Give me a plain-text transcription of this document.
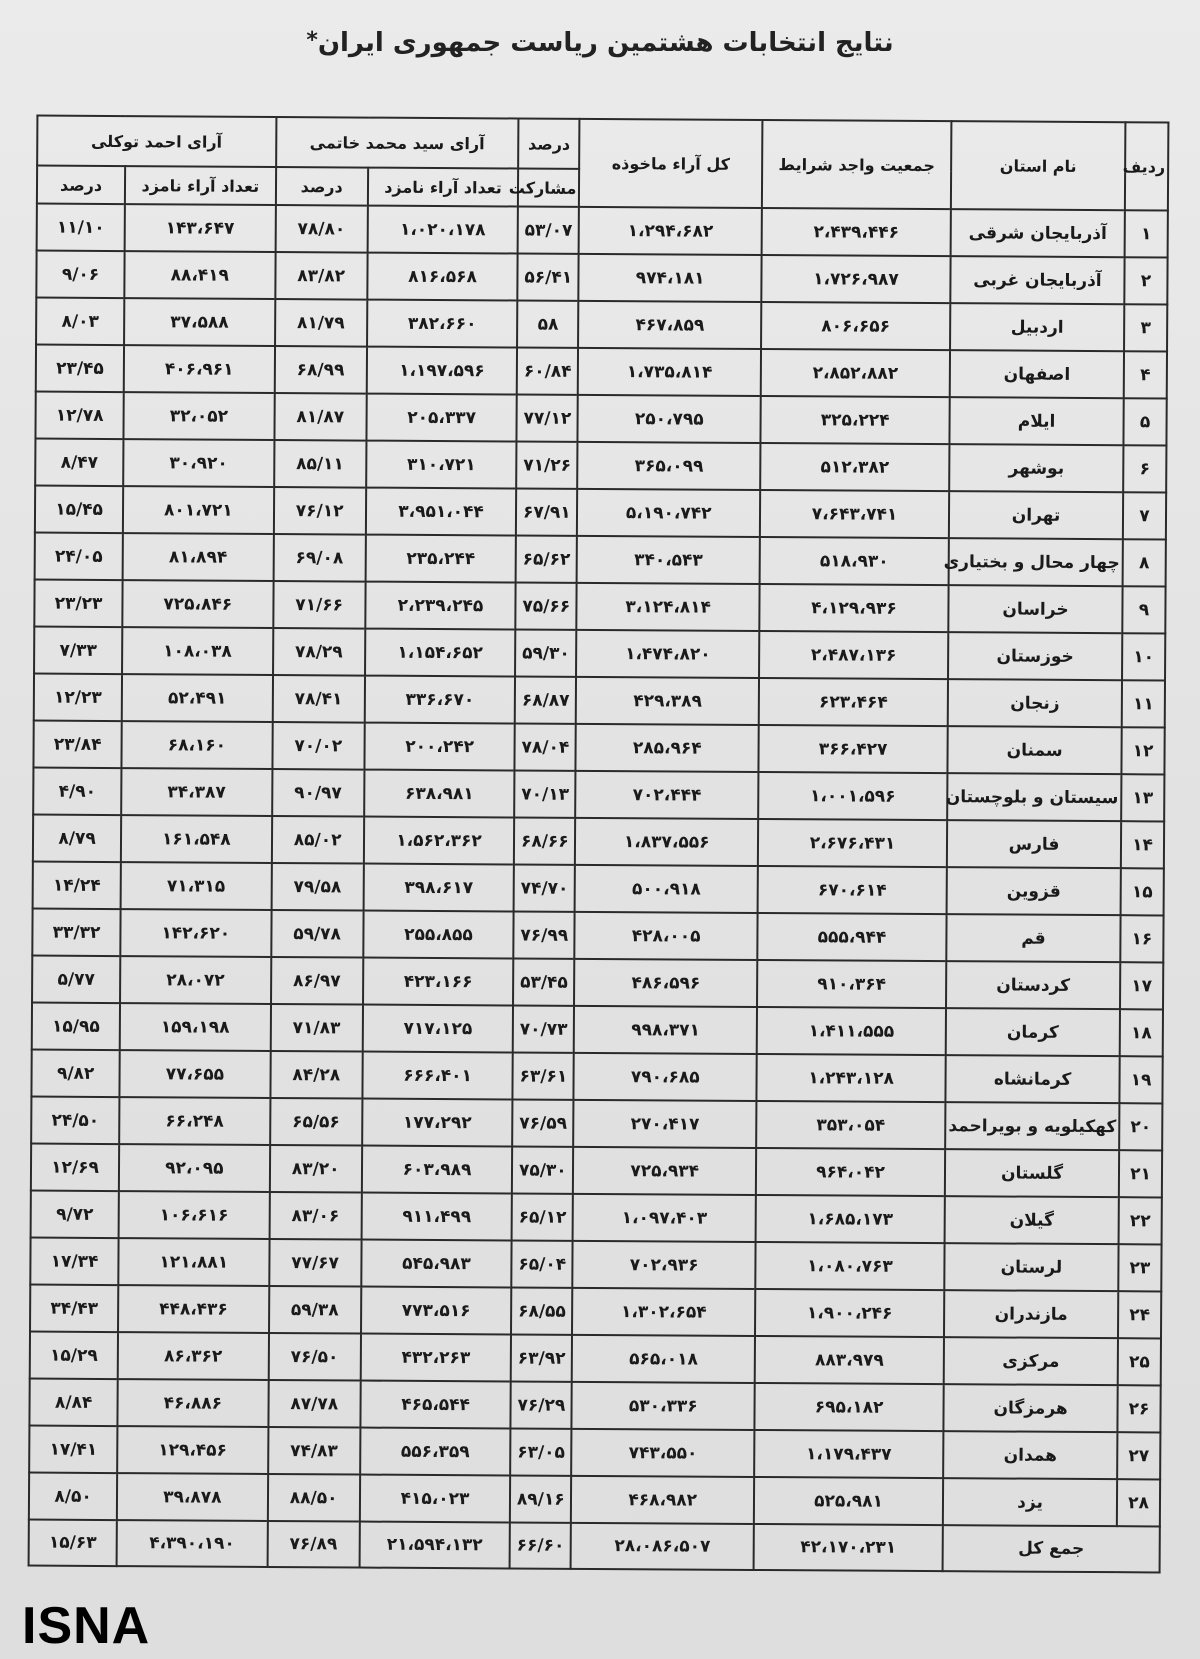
نتایج انتخابات هشتمین ریاست جمهوری ایران*
ردیف	نام استان	جمعیت واجد شرایط	کل آراء ماخوذه	درصد	آرای سید محمد خاتمی		آرای احمد توکلی	
				مشارکت	تعداد آراء نامزد	درصد	تعداد آراء نامزد	درصد
۱	آذربایجان شرقی	۲،۴۳۹،۴۴۶	۱،۲۹۴،۶۸۲	۵۳/۰۷	۱،۰۲۰،۱۷۸	۷۸/۸۰	۱۴۳،۶۴۷	۱۱/۱۰
۲	آذربایجان غربی	۱،۷۲۶،۹۸۷	۹۷۴،۱۸۱	۵۶/۴۱	۸۱۶،۵۶۸	۸۳/۸۲	۸۸،۴۱۹	۹/۰۶
۳	اردبیل	۸۰۶،۶۵۶	۴۶۷،۸۵۹	۵۸	۳۸۲،۶۶۰	۸۱/۷۹	۳۷،۵۸۸	۸/۰۳
۴	اصفهان	۲،۸۵۲،۸۸۲	۱،۷۳۵،۸۱۴	۶۰/۸۴	۱،۱۹۷،۵۹۶	۶۸/۹۹	۴۰۶،۹۶۱	۲۳/۴۵
۵	ایلام	۳۲۵،۲۲۴	۲۵۰،۷۹۵	۷۷/۱۲	۲۰۵،۳۳۷	۸۱/۸۷	۳۲،۰۵۲	۱۲/۷۸
۶	بوشهر	۵۱۲،۳۸۲	۳۶۵،۰۹۹	۷۱/۲۶	۳۱۰،۷۲۱	۸۵/۱۱	۳۰،۹۲۰	۸/۴۷
۷	تهران	۷،۶۴۳،۷۴۱	۵،۱۹۰،۷۴۲	۶۷/۹۱	۳،۹۵۱،۰۴۴	۷۶/۱۲	۸۰۱،۷۲۱	۱۵/۴۵
۸	چهار محال و بختیاری	۵۱۸،۹۳۰	۳۴۰،۵۴۳	۶۵/۶۲	۲۳۵،۲۴۴	۶۹/۰۸	۸۱،۸۹۴	۲۴/۰۵
۹	خراسان	۴،۱۲۹،۹۳۶	۳،۱۲۴،۸۱۴	۷۵/۶۶	۲،۲۳۹،۲۴۵	۷۱/۶۶	۷۲۵،۸۴۶	۲۳/۲۳
۱۰	خوزستان	۲،۴۸۷،۱۳۶	۱،۴۷۴،۸۲۰	۵۹/۳۰	۱،۱۵۴،۶۵۲	۷۸/۲۹	۱۰۸،۰۳۸	۷/۳۳
۱۱	زنجان	۶۲۳،۴۶۴	۴۲۹،۳۸۹	۶۸/۸۷	۳۳۶،۶۷۰	۷۸/۴۱	۵۲،۴۹۱	۱۲/۲۳
۱۲	سمنان	۳۶۶،۴۲۷	۲۸۵،۹۶۴	۷۸/۰۴	۲۰۰،۲۴۲	۷۰/۰۲	۶۸،۱۶۰	۲۳/۸۴
۱۳	سیستان و بلوچستان	۱،۰۰۱،۵۹۶	۷۰۲،۴۴۴	۷۰/۱۳	۶۳۸،۹۸۱	۹۰/۹۷	۳۴،۳۸۷	۴/۹۰
۱۴	فارس	۲،۶۷۶،۴۳۱	۱،۸۳۷،۵۵۶	۶۸/۶۶	۱،۵۶۲،۳۶۲	۸۵/۰۲	۱۶۱،۵۴۸	۸/۷۹
۱۵	قزوین	۶۷۰،۶۱۴	۵۰۰،۹۱۸	۷۴/۷۰	۳۹۸،۶۱۷	۷۹/۵۸	۷۱،۳۱۵	۱۴/۲۴
۱۶	قم	۵۵۵،۹۴۴	۴۲۸،۰۰۵	۷۶/۹۹	۲۵۵،۸۵۵	۵۹/۷۸	۱۴۲،۶۲۰	۳۳/۳۲
۱۷	کردستان	۹۱۰،۳۶۴	۴۸۶،۵۹۶	۵۳/۴۵	۴۲۳،۱۶۶	۸۶/۹۷	۲۸،۰۷۲	۵/۷۷
۱۸	کرمان	۱،۴۱۱،۵۵۵	۹۹۸،۳۷۱	۷۰/۷۳	۷۱۷،۱۲۵	۷۱/۸۳	۱۵۹،۱۹۸	۱۵/۹۵
۱۹	کرمانشاه	۱،۲۴۳،۱۲۸	۷۹۰،۶۸۵	۶۳/۶۱	۶۶۶،۴۰۱	۸۴/۲۸	۷۷،۶۵۵	۹/۸۲
۲۰	کهکیلویه و بویراحمد	۳۵۳،۰۵۴	۲۷۰،۴۱۷	۷۶/۵۹	۱۷۷،۲۹۲	۶۵/۵۶	۶۶،۲۴۸	۲۴/۵۰
۲۱	گلستان	۹۶۴،۰۴۲	۷۲۵،۹۳۴	۷۵/۳۰	۶۰۳،۹۸۹	۸۳/۲۰	۹۲،۰۹۵	۱۲/۶۹
۲۲	گیلان	۱،۶۸۵،۱۷۳	۱،۰۹۷،۴۰۳	۶۵/۱۲	۹۱۱،۴۹۹	۸۳/۰۶	۱۰۶،۶۱۶	۹/۷۲
۲۳	لرستان	۱،۰۸۰،۷۶۳	۷۰۲،۹۳۶	۶۵/۰۴	۵۴۵،۹۸۳	۷۷/۶۷	۱۲۱،۸۸۱	۱۷/۳۴
۲۴	مازندران	۱،۹۰۰،۲۴۶	۱،۳۰۲،۶۵۴	۶۸/۵۵	۷۷۳،۵۱۶	۵۹/۳۸	۴۴۸،۴۳۶	۳۴/۴۳
۲۵	مرکزی	۸۸۳،۹۷۹	۵۶۵،۰۱۸	۶۳/۹۲	۴۳۲،۲۶۳	۷۶/۵۰	۸۶،۳۶۲	۱۵/۲۹
۲۶	هرمزگان	۶۹۵،۱۸۲	۵۳۰،۳۳۶	۷۶/۲۹	۴۶۵،۵۴۴	۸۷/۷۸	۴۶،۸۸۶	۸/۸۴
۲۷	همدان	۱،۱۷۹،۴۳۷	۷۴۳،۵۵۰	۶۳/۰۵	۵۵۶،۳۵۹	۷۴/۸۳	۱۲۹،۴۵۶	۱۷/۴۱
۲۸	یزد	۵۲۵،۹۸۱	۴۶۸،۹۸۲	۸۹/۱۶	۴۱۵،۰۲۳	۸۸/۵۰	۳۹،۸۷۸	۸/۵۰
جمع کل		۴۲،۱۷۰،۲۳۱	۲۸،۰۸۶،۵۰۷	۶۶/۶۰	۲۱،۵۹۴،۱۳۲	۷۶/۸۹	۴،۳۹۰،۱۹۰	۱۵/۶۳
ISNA
